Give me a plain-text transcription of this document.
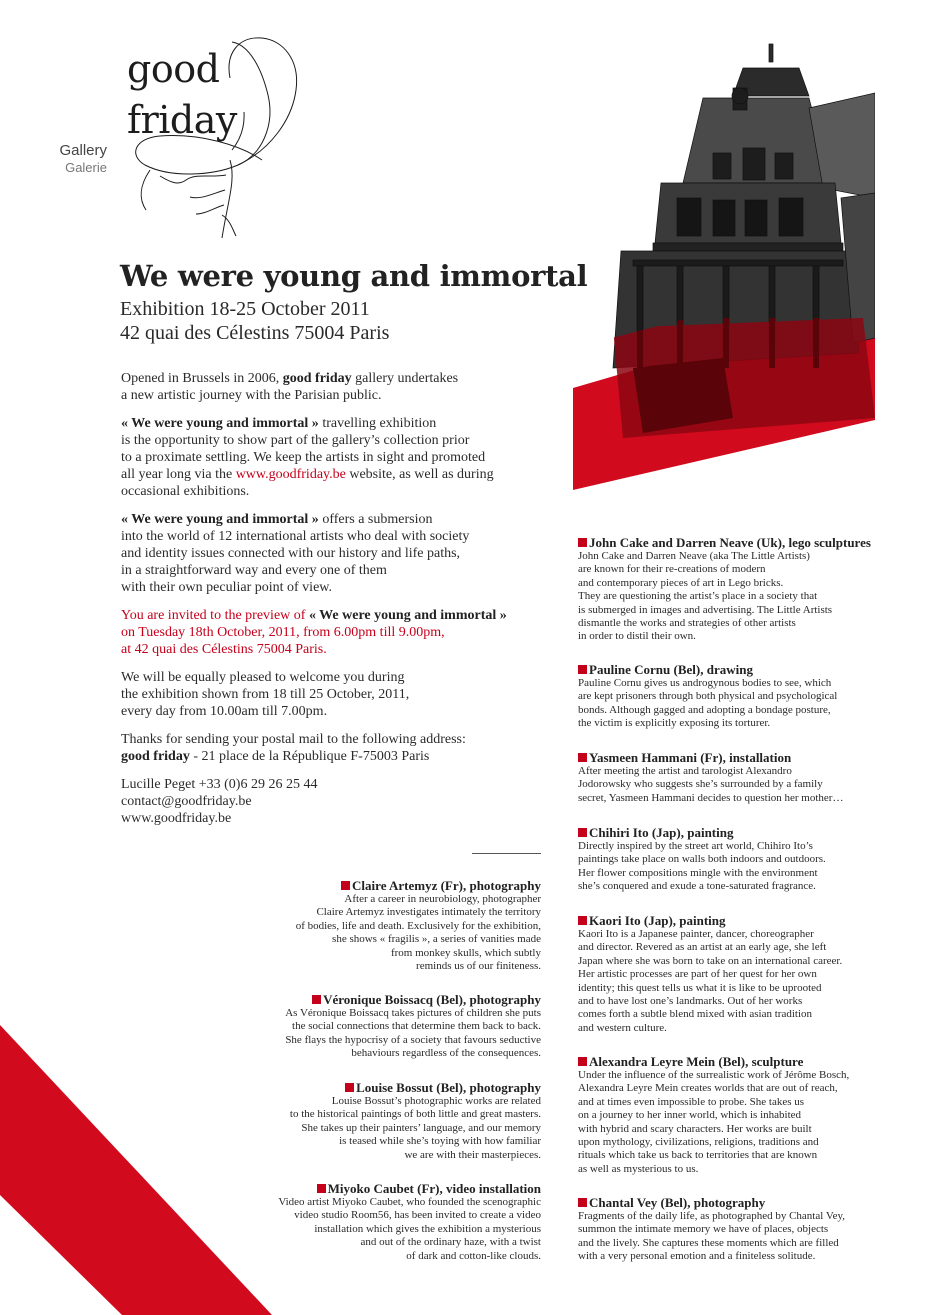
Gallery
Galerie
good
friday
We were young and immortal
Exhibition 18-25 October 2011
42 quai des Célestins 75004 Paris

Opened in Brussels in 2006, good friday gallery undertakes
a new artistic journey with the Parisian public.

« We were young and immortal » travelling exhibition
is the opportunity to show part of the gallery’s collection prior
to a proximate settling. We keep the artists in sight and promoted
all year long via the www.goodfriday.be website, as well as during
occasional exhibitions.

« We were young and immortal » offers a submersion
into the world of 12 international artists who deal with society
and identity issues connected with our history and life paths,
in a straightforward way and every one of them
with their own peculiar point of view.

You are invited to the preview of « We were young and immortal »
on Tuesday 18th October, 2011, from 6.00pm till 9.00pm,
at 42 quai des Célestins 75004 Paris.

We will be equally pleased to welcome you during
the exhibition shown from 18 till 25 October, 2011,
every day from 10.00am till 7.00pm.

Thanks for sending your postal mail to the following address:
good friday - 21 place de la République F-75003 Paris

Lucille Peget +33 (0)6 29 26 25 44
contact@goodfriday.be
www.goodfriday.be

Claire Artemyz (Fr), photography
After a career in neurobiology, photographer
Claire Artemyz investigates intimately the territory
of bodies, life and death. Exclusively for the exhibition,
she shows « fragilis », a series of vanities made
from monkey skulls, which subtly
reminds us of our finiteness.
Véronique Boissacq (Bel), photography
As Véronique Boissacq takes pictures of children she puts
the social connections that determine them back to back.
She flays the hypocrisy of a society that favours seductive
behaviours regardless of the consequences.
Louise Bossut (Bel), photography
Louise Bossut’s photographic works are related
to the historical paintings of both little and great masters.
She takes up their painters’ language, and our memory
is teased while she’s toying with how familiar
we are with their masterpieces.
Miyoko Caubet (Fr), video installation
Video artist Miyoko Caubet, who founded the scenographic
video studio Room56, has been invited to create a video
installation which gives the exhibition a mysterious
and out of the ordinary haze, with a twist
of dark and cotton-like clouds.
John Cake and Darren Neave (Uk), lego sculptures
John Cake and Darren Neave (aka The Little Artists)
are known for their re-creations of modern
and contemporary pieces of art in Lego bricks.
They are questioning the artist’s place in a society that
is submerged in images and advertising. The Little Artists
dismantle the works and strategies of other artists
in order to distil their own.
Pauline Cornu (Bel), drawing
Pauline Cornu gives us androgynous bodies to see, which
are kept prisoners through both physical and psychological
bonds. Although gagged and adopting a bondage posture,
the victim is explicitly exposing its torturer.
Yasmeen Hammani (Fr), installation
After meeting the artist and tarologist Alexandro
Jodorowsky who suggests she’s surrounded by a family
secret, Yasmeen Hammani decides to question her mother…
Chihiri Ito (Jap), painting
Directly inspired by the street art world, Chihiro Ito’s
paintings take place on walls both indoors and outdoors.
Her flower compositions mingle with the environment
she’s conquered and exude a tone-saturated fragrance.
Kaori Ito (Jap), painting
Kaori Ito is a Japanese painter, dancer, choreographer
and director. Revered as an artist at an early age, she left
Japan where she was born to take on an international career.
Her artistic processes are part of her quest for her own
identity; this quest tells us what it is like to be uprooted
and to have lost one’s landmarks. Out of her works
comes forth a subtle blend mixed with asian tradition
and western culture.
Alexandra Leyre Mein (Bel), sculpture
Under the influence of the surrealistic work of Jérôme Bosch,
Alexandra Leyre Mein creates worlds that are out of reach,
and at times even impossible to probe. She takes us
on a journey to her inner world, which is inhabited
with hybrid and scary characters. Her works are built
upon mythology, civilizations, religions, traditions and
rituals which take us back to territories that are known
as well as mysterious to us.
Chantal Vey (Bel), photography
Fragments of the daily life, as photographed by Chantal Vey,
summon the intimate memory we have of places, objects
and the lively. She captures these moments which are filled
with a very personal emotion and a finiteless solitude.
